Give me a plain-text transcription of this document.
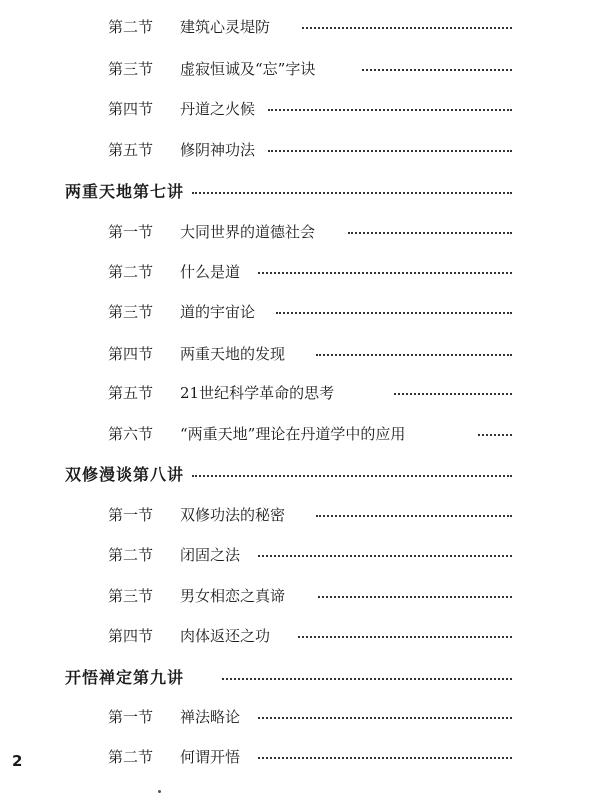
第二节 建筑心灵堤防
第三节 虚寂恒诚及“忘”字诀
第四节 丹道之火候
第五节 修阴神功法
两重天地第七讲
第一节 大同世界的道德社会
第二节 什么是道
第三节 道的宇宙论
第四节 两重天地的发现
第五节 21世纪科学革命的思考
第六节 “两重天地”理论在丹道学中的应用
双修漫谈第八讲
第一节 双修功法的秘密
第二节 闭固之法
第三节 男女相恋之真谛
第四节 肉体返还之功
开悟禅定第九讲
第一节 禅法略论
第二节 何谓开悟
2
